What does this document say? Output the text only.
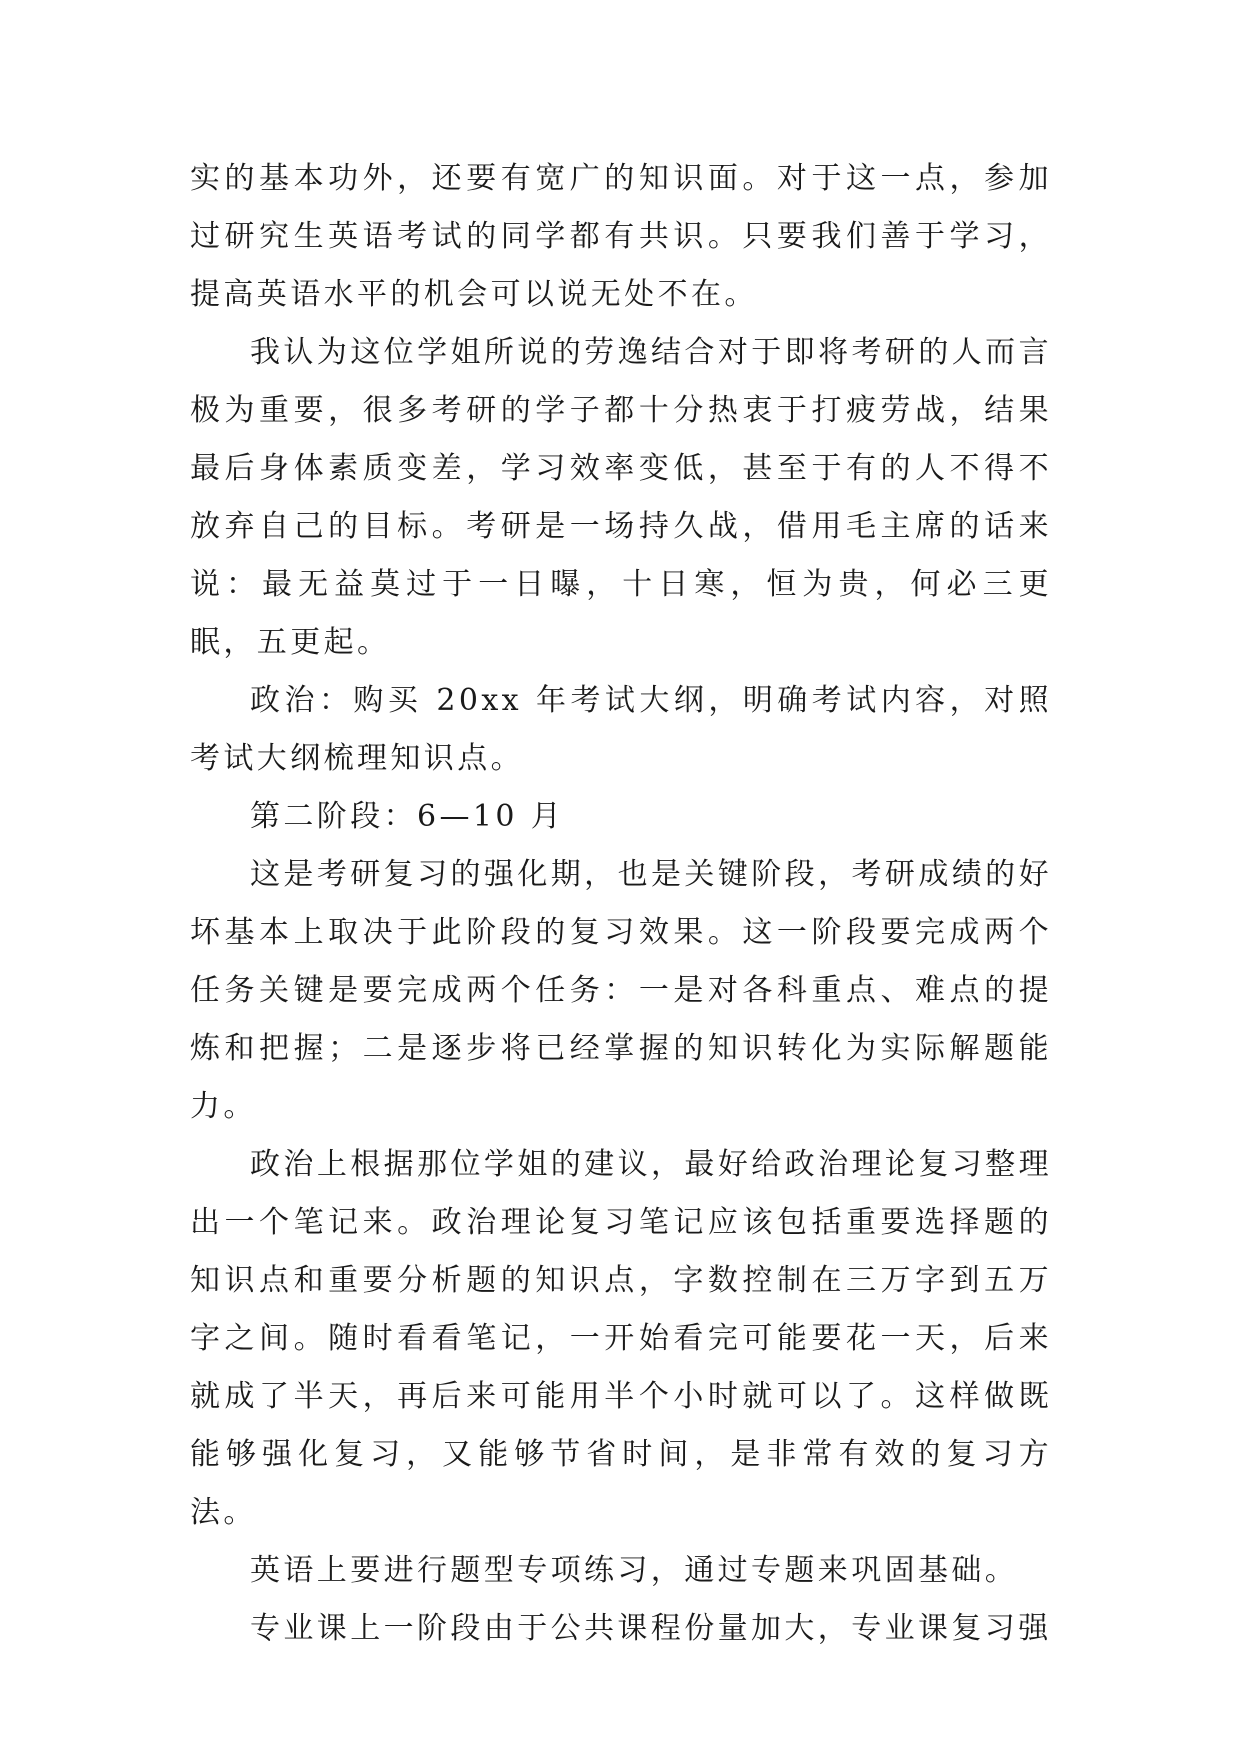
实的基本功外，还要有宽广的知识面。对于这一点，参加过研究生英语考试的同学都有共识。只要我们善于学习，提高英语水平的机会可以说无处不在。

我认为这位学姐所说的劳逸结合对于即将考研的人而言极为重要，很多考研的学子都十分热衷于打疲劳战，结果最后身体素质变差，学习效率变低，甚至于有的人不得不放弃自己的目标。考研是一场持久战，借用毛主席的话来说：最无益莫过于一日曝，十日寒，恒为贵，何必三更眠，五更起。

政治：购买 20xx 年考试大纲，明确考试内容，对照考试大纲梳理知识点。

第二阶段：6—10 月

这是考研复习的强化期，也是关键阶段，考研成绩的好坏基本上取决于此阶段的复习效果。这一阶段要完成两个任务关键是要完成两个任务：一是对各科重点、难点的提炼和把握；二是逐步将已经掌握的知识转化为实际解题能力。

政治上根据那位学姐的建议，最好给政治理论复习整理出一个笔记来。政治理论复习笔记应该包括重要选择题的知识点和重要分析题的知识点，字数控制在三万字到五万字之间。随时看看笔记，一开始看完可能要花一天，后来就成了半天，再后来可能用半个小时就可以了。这样做既能够强化复习，又能够节省时间，是非常有效的复习方法。

英语上要进行题型专项练习，通过专题来巩固基础。

专业课上一阶段由于公共课程份量加大，专业课复习强
